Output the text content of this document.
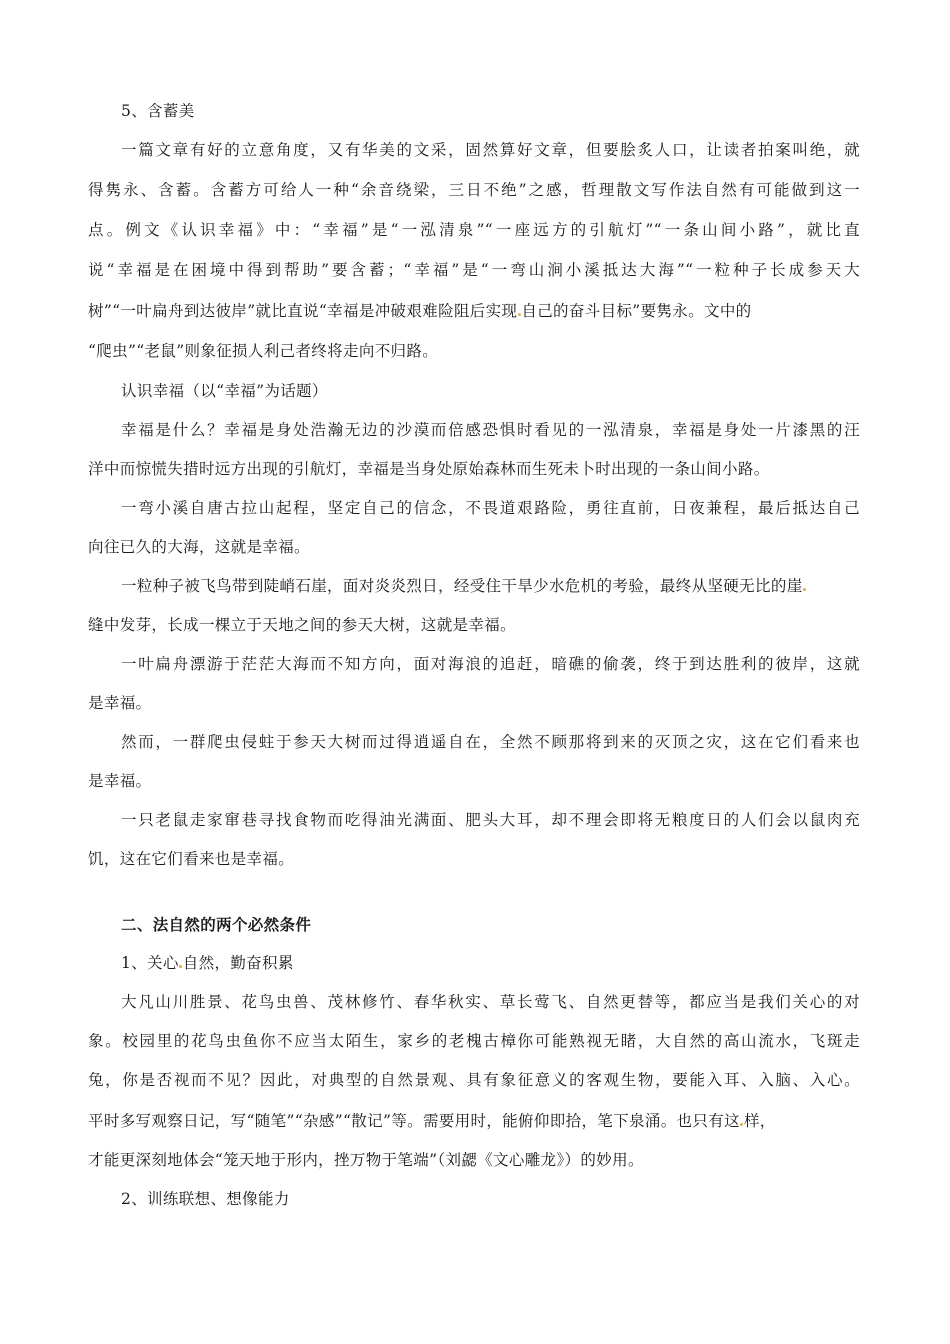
5、含蓄美
一篇文章有好的立意角度，又有华美的文采，固然算好文章，但要脍炙人口，让读者拍案叫绝，就
得隽永、含蓄。含蓄方可给人一种“余音绕梁，三日不绝”之感，哲理散文写作法自然有可能做到这一
点。例文《认识幸福》中：“幸福”是“一泓清泉”“一座远方的引航灯”“一条山间小路”，就比直
说“幸福是在困境中得到帮助”要含蓄；“幸福”是“一弯山涧小溪抵达大海”“一粒种子长成参天大
树”“一叶扁舟到达彼岸”就比直说“幸福是冲破艰难险阻后实现 自己的奋斗目标”要隽永。文中的
“爬虫”“老鼠”则象征损人利己者终将走向不归路。
认识幸福（以“幸福”为话题）
幸福是什么？幸福是身处浩瀚无边的沙漠而倍感恐惧时看见的一泓清泉，幸福是身处一片漆黑的汪
洋中而惊慌失措时远方出现的引航灯，幸福是当身处原始森林而生死未卜时出现的一条山间小路。
一弯小溪自唐古拉山起程，坚定自己的信念，不畏道艰路险，勇往直前，日夜兼程，最后抵达自己
向往已久的大海，这就是幸福。
一粒种子被飞鸟带到陡峭石崖，面对炎炎烈日，经受住干旱少水危机的考验，最终从坚硬无比的崖
缝中发芽，长成一棵立于天地之间的参天大树，这就是幸福。
一叶扁舟漂游于茫茫大海而不知方向，面对海浪的追赶，暗礁的偷袭，终于到达胜利的彼岸，这就
是幸福。
然而，一群爬虫侵蛀于参天大树而过得逍遥自在，全然不顾那将到来的灭顶之灾，这在它们看来也
是幸福。
一只老鼠走家窜巷寻找食物而吃得油光满面、肥头大耳，却不理会即将无粮度日的人们会以鼠肉充
饥，这在它们看来也是幸福。
二、法自然的两个必然条件
1、关心 自然，勤奋积累
大凡山川胜景、花鸟虫兽、茂林修竹、春华秋实、草长莺飞、自然更替等，都应当是我们关心的对
象。校园里的花鸟虫鱼你不应当太陌生，家乡的老槐古樟你可能熟视无睹，大自然的高山流水，飞斑走
兔，你是否视而不见？因此，对典型的自然景观、具有象征意义的客观生物，要能入耳、入脑、入心。
平时多写观察日记，写“随笔”“杂感”“散记”等。需要用时，能俯仰即拾，笔下泉涌。也只有这 样，
才能更深刻地体会“笼天地于形内，挫万物于笔端”（刘勰《文心雕龙》）的妙用。
2、训练联想、想像能力
